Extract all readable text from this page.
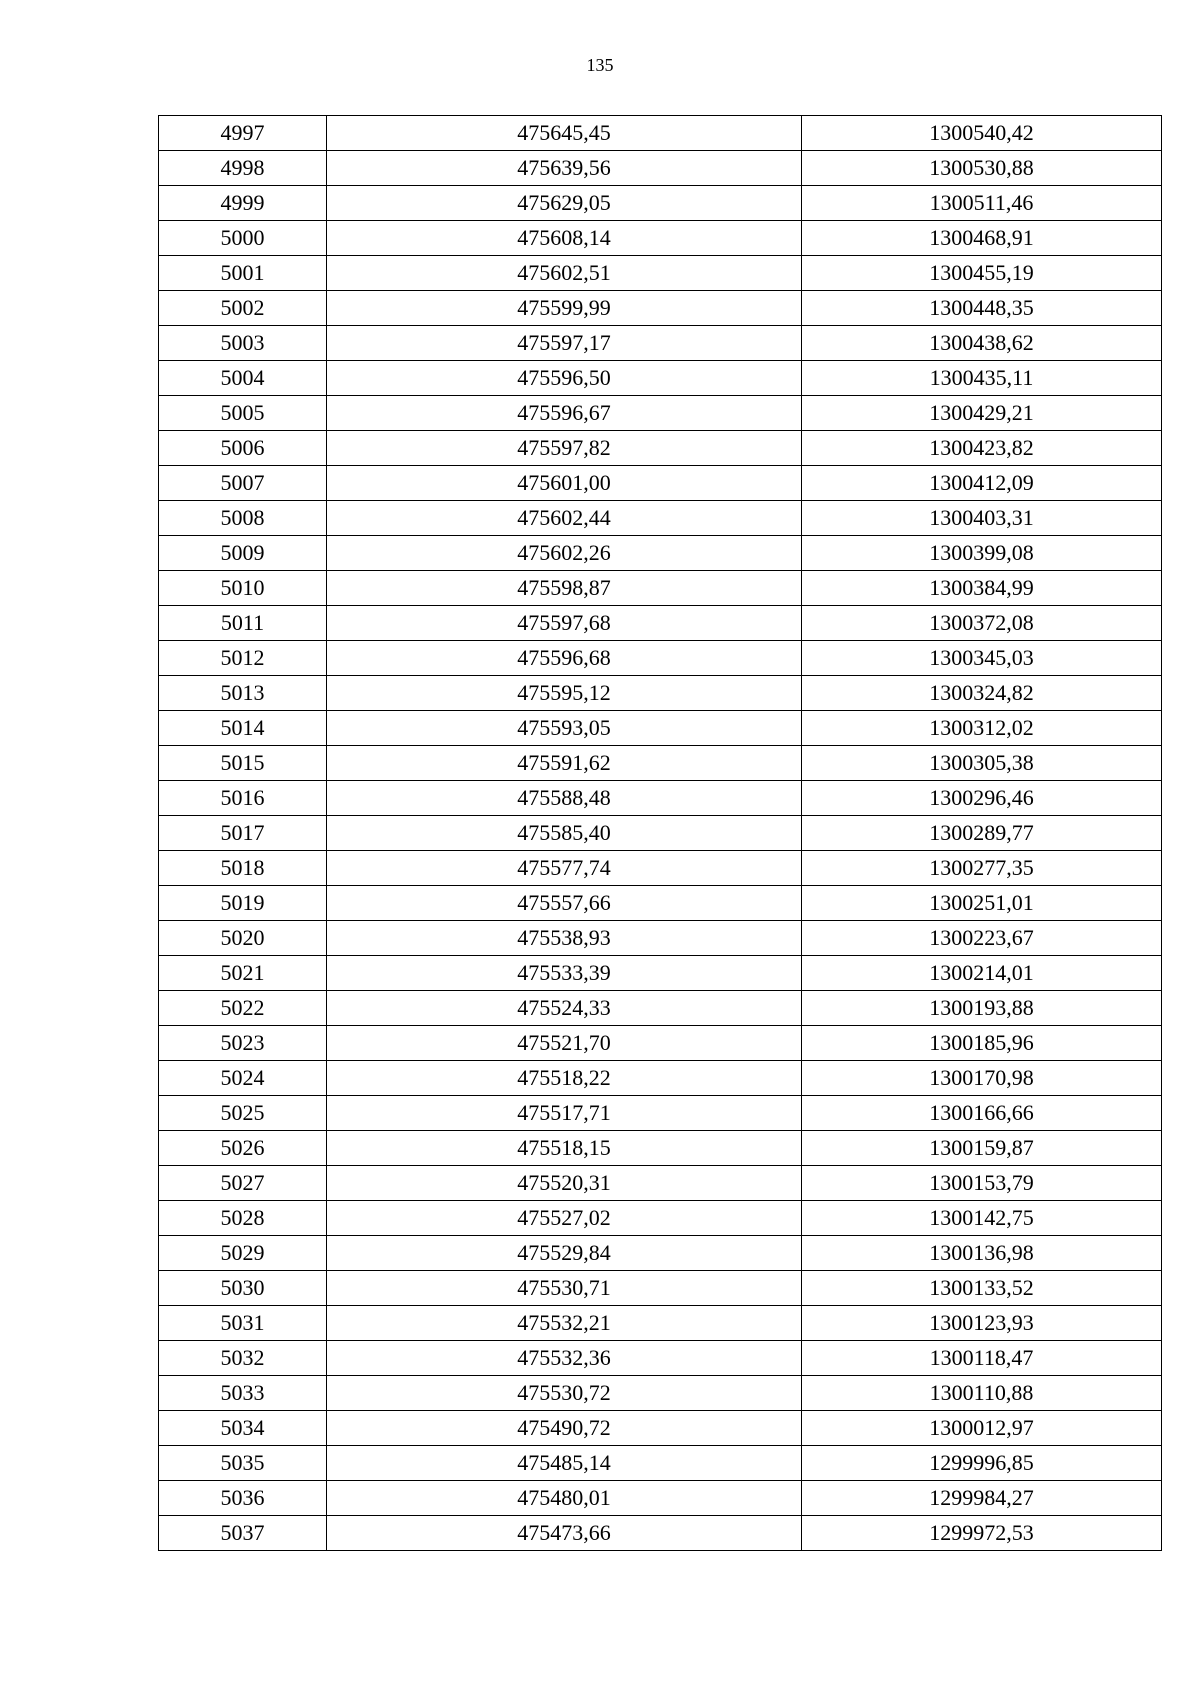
135
4997	475645,45	1300540,42
4998	475639,56	1300530,88
4999	475629,05	1300511,46
5000	475608,14	1300468,91
5001	475602,51	1300455,19
5002	475599,99	1300448,35
5003	475597,17	1300438,62
5004	475596,50	1300435,11
5005	475596,67	1300429,21
5006	475597,82	1300423,82
5007	475601,00	1300412,09
5008	475602,44	1300403,31
5009	475602,26	1300399,08
5010	475598,87	1300384,99
5011	475597,68	1300372,08
5012	475596,68	1300345,03
5013	475595,12	1300324,82
5014	475593,05	1300312,02
5015	475591,62	1300305,38
5016	475588,48	1300296,46
5017	475585,40	1300289,77
5018	475577,74	1300277,35
5019	475557,66	1300251,01
5020	475538,93	1300223,67
5021	475533,39	1300214,01
5022	475524,33	1300193,88
5023	475521,70	1300185,96
5024	475518,22	1300170,98
5025	475517,71	1300166,66
5026	475518,15	1300159,87
5027	475520,31	1300153,79
5028	475527,02	1300142,75
5029	475529,84	1300136,98
5030	475530,71	1300133,52
5031	475532,21	1300123,93
5032	475532,36	1300118,47
5033	475530,72	1300110,88
5034	475490,72	1300012,97
5035	475485,14	1299996,85
5036	475480,01	1299984,27
5037	475473,66	1299972,53
